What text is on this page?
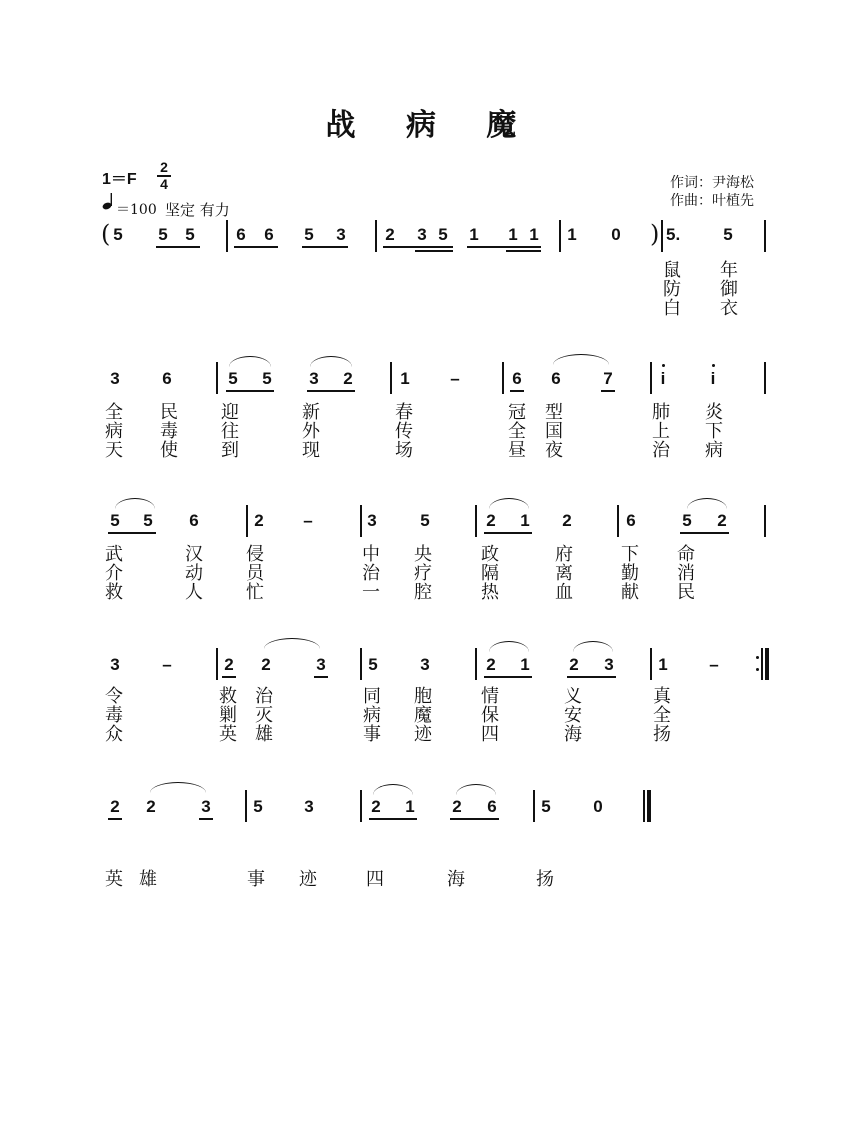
战 病 魔
1＝F
2
4
＝100 坚定 有力
作词：尹海松
作曲：叶植先
( 5	5	5	6	6	5	3	2	3 5	1	1 1	1	0 ) 5.	5
鼠 年
防 御
白 衣
3	6	5	5	3	2	1	–	6	6	7	i	i
全 民 迎	新	春	冠 型	肺 炎
病 毒 往	外	传	全 国	上 下
天 使 到	现	场	昼 夜	治 病
5	5	6	2	–	3	5	2	1	2	6	5	2
武	汉 侵	中 央	政	府	下 命
介	动 员	治 疗	隔	离	勤 消
救	人 忙	一 腔	热	血	献 民
3	–	2	2	3	5	3	2	1	2	3	1	–
令	救 治	同 胞	情	义	真
毒	剿 灭	病 魔	保	安	全
众	英 雄	事 迹	四	海	扬
2	2	3	5	3	2	1	2	6	5	0
英 雄	事 迹	四	海	扬
